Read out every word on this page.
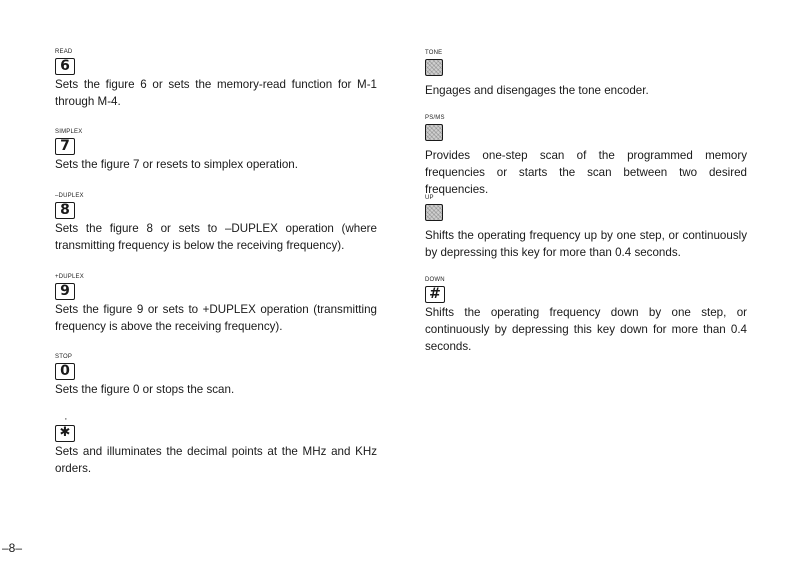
READ
6
Sets the figure 6 or sets the memory-read function for M-1 through M-4.
SIMPLEX
7
Sets the figure 7 or resets to simplex operation.
–DUPLEX
8
Sets the figure 8 or sets to –DUPLEX operation (where transmitting frequency is below the receiving frequency).
+DUPLEX
9
Sets the figure 9 or sets to +DUPLEX operation (transmitting frequency is above the receiving frequency).
STOP
0
Sets the figure 0 or stops the scan.
·
✱
Sets and illuminates the decimal points at the MHz and KHz orders.
TONE
Engages and disengages the tone encoder.
PS/MS
Provides one-step scan of the programmed memory frequencies or starts the scan between two desired frequencies.
UP
Shifts the operating frequency up by one step, or continuously by depressing this key for more than 0.4 seconds.
DOWN
#
Shifts the operating frequency down by one step, or continuously by depressing this key down for more than 0.4 seconds.
–8–
